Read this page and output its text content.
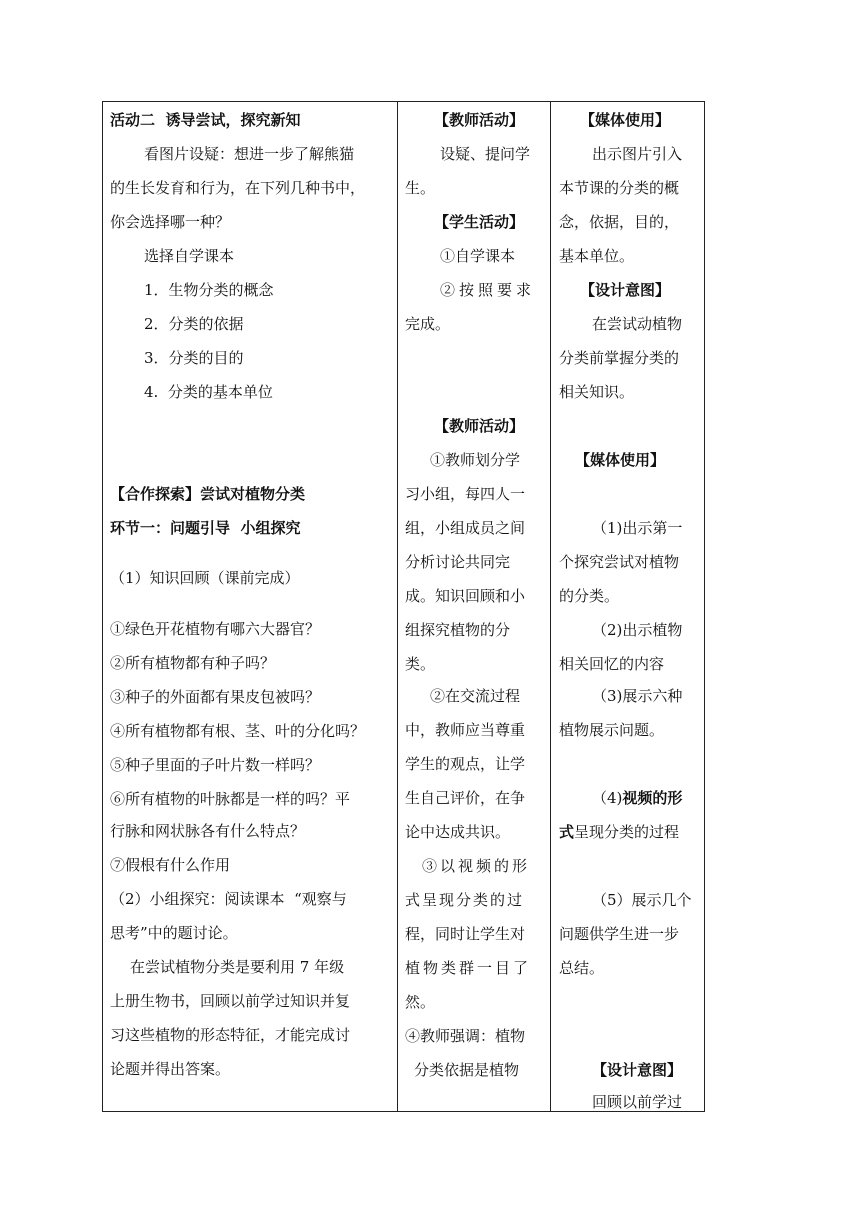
活动二  诱导尝试，探究新知
看图片设疑：想进一步了解熊猫
的生长发育和行为，在下列几种书中，
你会选择哪一种？
选择自学课本
1．生物分类的概念
2．分类的依据
3．分类的目的
4.  分类的基本单位
【合作探索】尝试对植物分类
环节一：问题引导  小组探究
（1）知识回顾（课前完成）
①绿色开花植物有哪六大器官？
②所有植物都有种子吗？
③种子的外面都有果皮包被吗？
④所有植物都有根、茎、叶的分化吗？
⑤种子里面的子叶片数一样吗？
⑥所有植物的叶脉都是一样的吗？平
行脉和网状脉各有什么特点？
⑦假根有什么作用
（2）小组探究：阅读课本  “观察与
思考”中的题讨论。
在尝试植物分类是要利用 7 年级
上册生物书，回顾以前学过知识并复
习这些植物的形态特征，才能完成讨
论题并得出答案。
【教师活动】
设疑、提问学
生。
【学生活动】
①自学课本
②按照要求
完成。
【教师活动】
①教师划分学
习小组，每四人一
组，小组成员之间
分析讨论共同完
成。知识回顾和小
组探究植物的分
类。
②在交流过程
中，教师应当尊重
学生的观点，让学
生自己评价，在争
论中达成共识。
③以视频的形
式呈现分类的过
程，同时让学生对
植物类群一目了
然。
④教师强调：植物
分类依据是植物
【媒体使用】
出示图片引入
本节课的分类的概
念，依据，目的，
基本单位。
【设计意图】
在尝试动植物
分类前掌握分类的
相关知识。
【媒体使用】
（1)出示第一
个探究尝试对植物
的分类。
（2)出示植物
相关回忆的内容
（3)展示六种
植物展示问题。
（4)视频的形
式呈现分类的过程
（5）展示几个
问题供学生进一步
总结。
【设计意图】
回顾以前学过
